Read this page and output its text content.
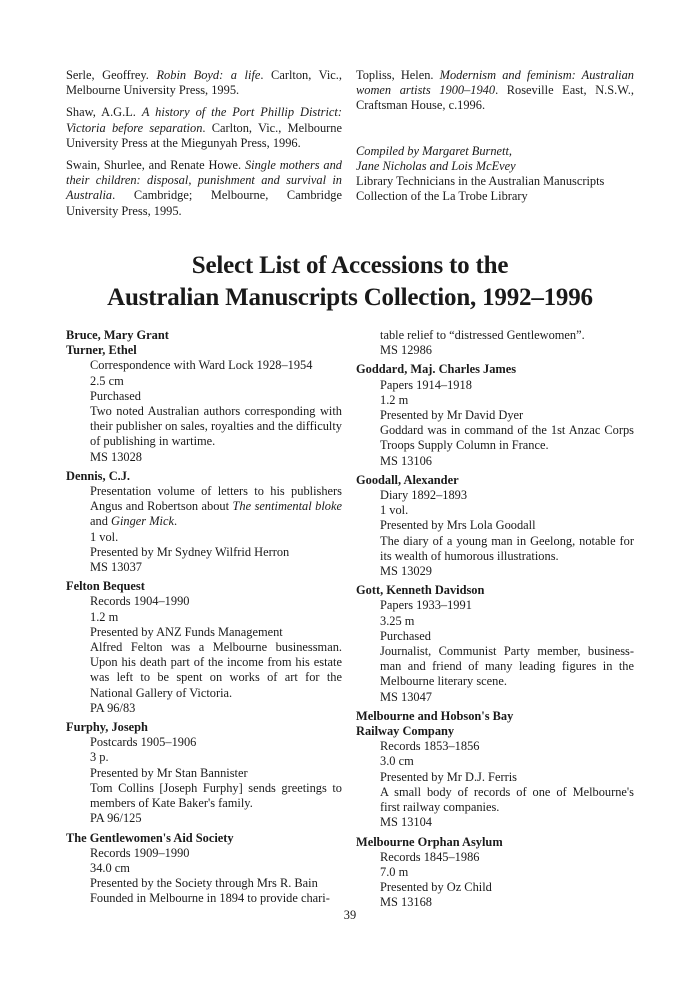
Serle, Geoffrey. Robin Boyd: a life. Carlton, Vic., Melbourne University Press, 1995.

Shaw, A.G.L. A history of the Port Phillip District: Victoria before separation. Carlton, Vic., Melbourne University Press at the Miegunyah Press, 1996.

Swain, Shurlee, and Renate Howe. Single mothers and their children: disposal, punishment and survival in Australia. Cambridge; Melbourne, Cambridge University Press, 1995.

Topliss, Helen. Modernism and feminism: Australian women artists 1900–1940. Roseville East, N.S.W., Craftsman House, c.1996.

Compiled by Margaret Burnett,
Jane Nicholas and Lois McEvey
Library Technicians in the Australian Manuscripts
Collection of the La Trobe Library
Select List of Accessions to the
Australian Manuscripts Collection, 1992–1996
Bruce, Mary Grant
Turner, Ethel
Correspondence with Ward Lock 1928–1954
2.5 cm
Purchased
Two noted Australian authors corresponding with their publisher on sales, royalties and the difficulty of publishing in wartime.
MS 13028
Dennis, C.J.
Presentation volume of letters to his publishers Angus and Robertson about The sentimental bloke and Ginger Mick.
1 vol.
Presented by Mr Sydney Wilfrid Herron
MS 13037
Felton Bequest
Records 1904–1990
1.2 m
Presented by ANZ Funds Management
Alfred Felton was a Melbourne businessman. Upon his death part of the income from his estate was left to be spent on works of art for the National Gallery of Victoria.
PA 96/83
Furphy, Joseph
Postcards 1905–1906
3 p.
Presented by Mr Stan Bannister
Tom Collins [Joseph Furphy] sends greetings to members of Kate Baker's family.
PA 96/125
The Gentlewomen's Aid Society
Records 1909–1990
34.0 cm
Presented by the Society through Mrs R. Bain
Founded in Melbourne in 1894 to provide chari-
table relief to “distressed Gentlewomen”.
MS 12986
Goddard, Maj. Charles James
Papers 1914–1918
1.2 m
Presented by Mr David Dyer
Goddard was in command of the 1st Anzac Corps Troops Supply Column in France.
MS 13106
Goodall, Alexander
Diary 1892–1893
1 vol.
Presented by Mrs Lola Goodall
The diary of a young man in Geelong, notable for its wealth of humorous illustrations.
MS 13029
Gott, Kenneth Davidson
Papers 1933–1991
3.25 m
Purchased
Journalist, Communist Party member, business-man and friend of many leading figures in the Melbourne literary scene.
MS 13047
Melbourne and Hobson's Bay
Railway Company
Records 1853–1856
3.0 cm
Presented by Mr D.J. Ferris
A small body of records of one of Melbourne's first railway companies.
MS 13104
Melbourne Orphan Asylum
Records 1845–1986
7.0 m
Presented by Oz Child
MS 13168
39
